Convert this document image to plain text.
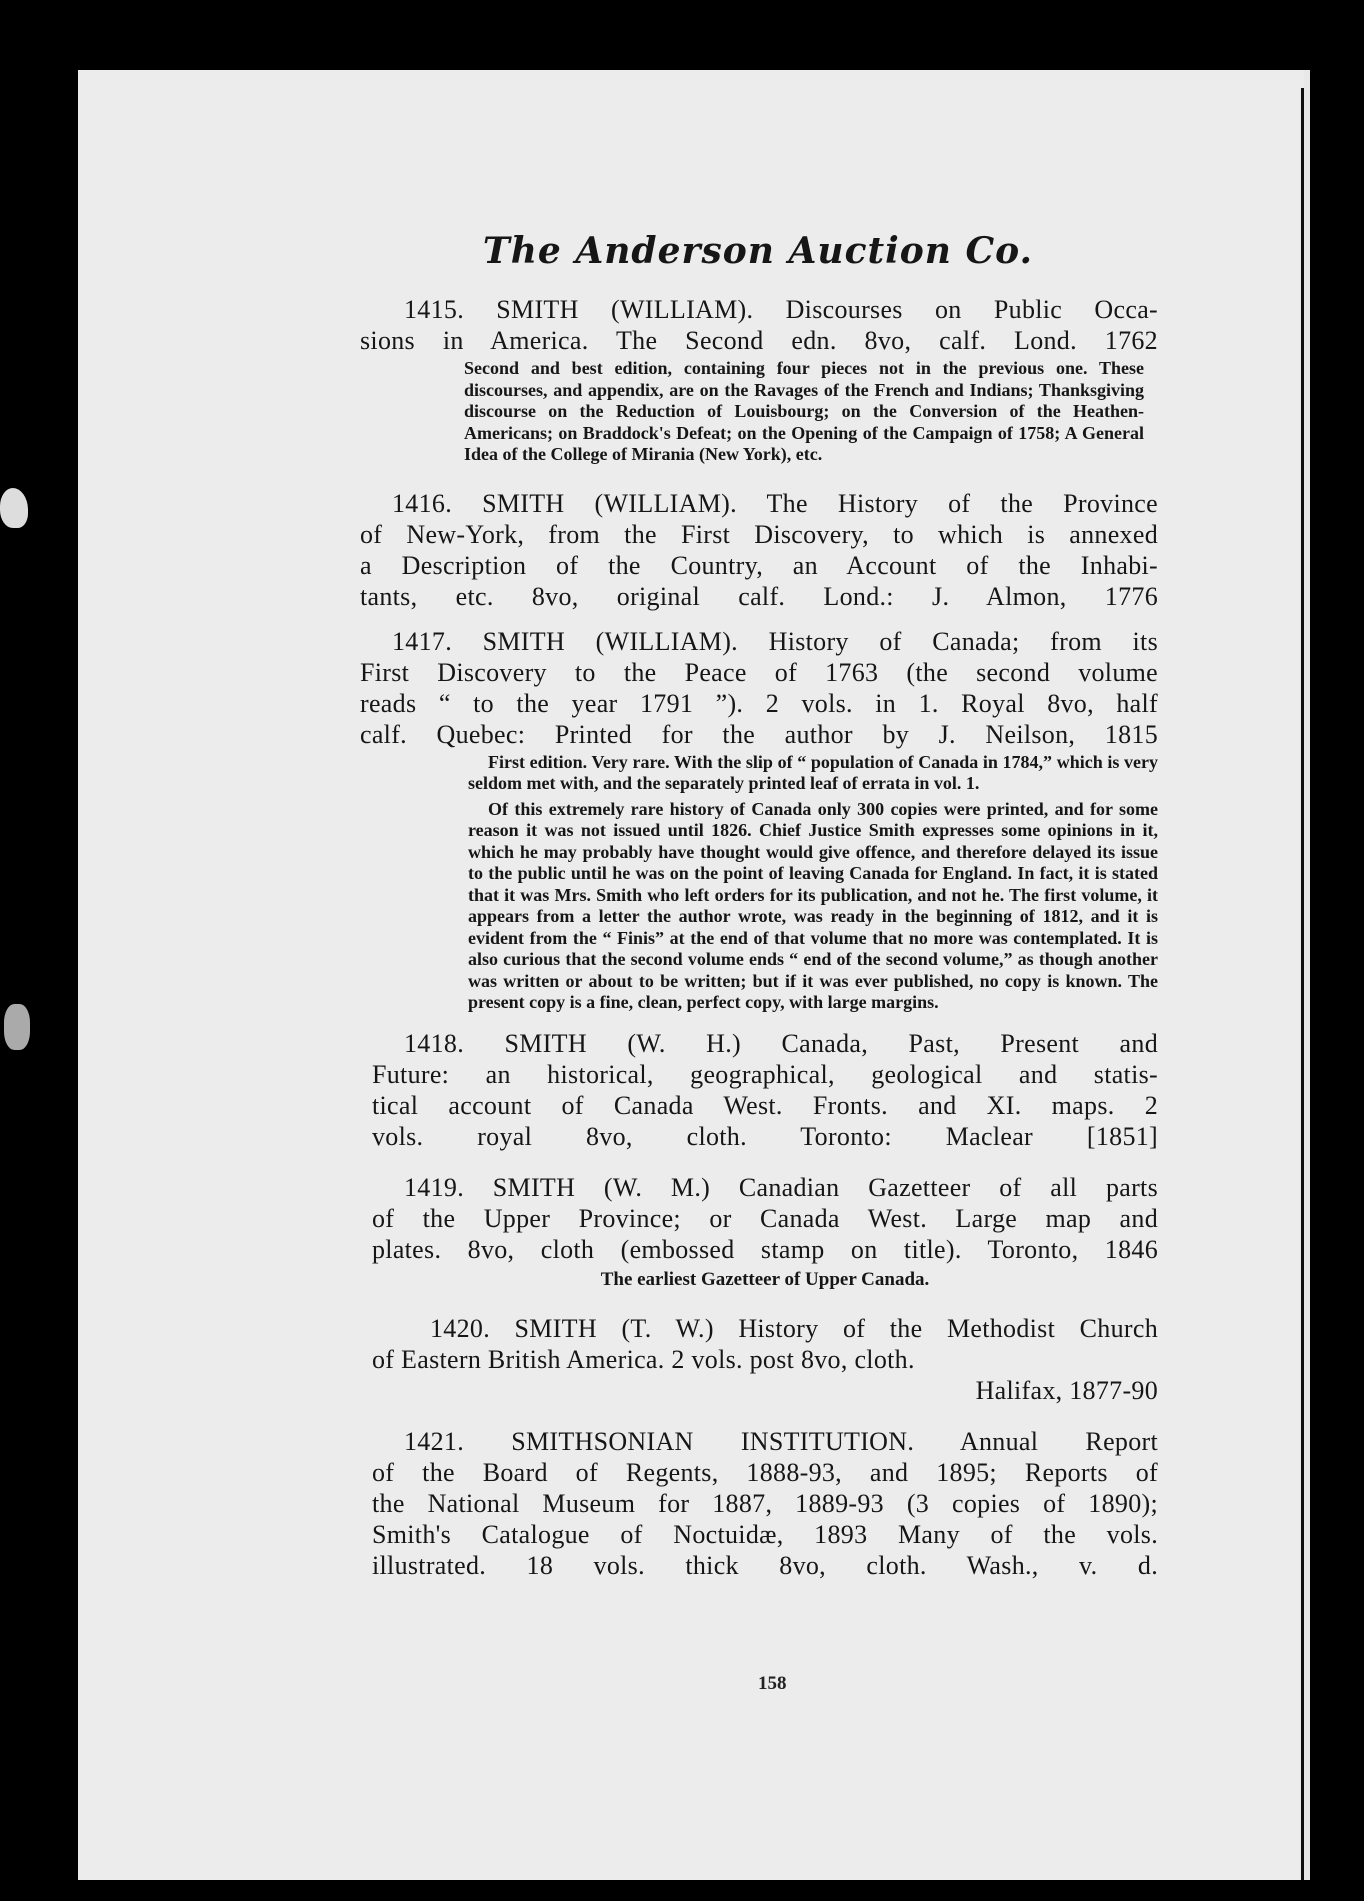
The Anderson Auction Co.
1415. SMITH (WILLIAM). Discourses on Public Occa-
sions in America. The Second edn. 8vo, calf. Lond. 1762
Second and best edition, containing four pieces not in the previous one. These discourses, and appendix, are on the Ravages of the French and Indians; Thanksgiving discourse on the Reduction of Louisbourg; on the Conversion of the Heathen-Americans; on Braddock's Defeat; on the Opening of the Campaign of 1758; A General Idea of the College of Mirania (New York), etc.
1416. SMITH (WILLIAM). The History of the Province
of New-York, from the First Discovery, to which is annexed
a Description of the Country, an Account of the Inhabi-
tants, etc. 8vo, original calf. Lond.: J. Almon, 1776
1417. SMITH (WILLIAM). History of Canada; from its
First Discovery to the Peace of 1763 (the second volume
reads “ to the year 1791 ”). 2 vols. in 1. Royal 8vo, half
calf. Quebec: Printed for the author by J. Neilson, 1815
First edition. Very rare. With the slip of “ population of Canada in 1784,” which is very seldom met with, and the separately printed leaf of errata in vol. 1.
Of this extremely rare history of Canada only 300 copies were printed, and for some reason it was not issued until 1826. Chief Justice Smith expresses some opinions in it, which he may probably have thought would give offence, and therefore delayed its issue to the public until he was on the point of leaving Canada for England. In fact, it is stated that it was Mrs. Smith who left orders for its publication, and not he. The first volume, it appears from a letter the author wrote, was ready in the beginning of 1812, and it is evident from the “ Finis” at the end of that volume that no more was contemplated. It is also curious that the second volume ends “ end of the second volume,” as though another was written or about to be written; but if it was ever published, no copy is known. The present copy is a fine, clean, perfect copy, with large margins.
1418. SMITH (W. H.) Canada, Past, Present and
Future: an historical, geographical, geological and statis-
tical account of Canada West. Fronts. and XI. maps. 2
vols. royal 8vo, cloth. Toronto: Maclear [1851]
1419. SMITH (W. M.) Canadian Gazetteer of all parts
of the Upper Province; or Canada West. Large map and
plates. 8vo, cloth (embossed stamp on title). Toronto, 1846
The earliest Gazetteer of Upper Canada.
1420. SMITH (T. W.) History of the Methodist Church
of Eastern British America. 2 vols. post 8vo, cloth.
Halifax, 1877-90
1421. SMITHSONIAN INSTITUTION. Annual Report
of the Board of Regents, 1888-93, and 1895; Reports of
the National Museum for 1887, 1889-93 (3 copies of 1890);
Smith's Catalogue of Noctuidæ, 1893 Many of the vols.
illustrated. 18 vols. thick 8vo, cloth. Wash., v. d.
158
